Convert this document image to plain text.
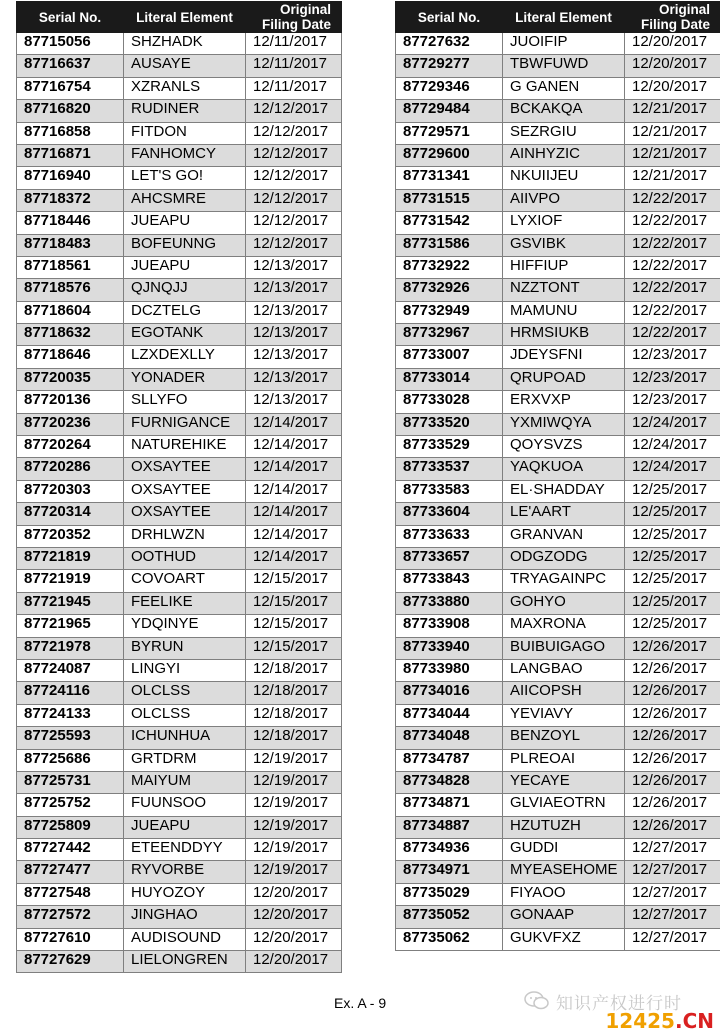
Serial No.	Literal Element	Original
Filing Date
87715056	SHZHADK	12/11/2017
87716637	AUSAYE	12/11/2017
87716754	XZRANLS	12/11/2017
87716820	RUDINER	12/12/2017
87716858	FITDON	12/12/2017
87716871	FANHOMCY	12/12/2017
87716940	LET'S GO!	12/12/2017
87718372	AHCSMRE	12/12/2017
87718446	JUEAPU	12/12/2017
87718483	BOFEUNNG	12/12/2017
87718561	JUEAPU	12/13/2017
87718576	QJNQJJ	12/13/2017
87718604	DCZTELG	12/13/2017
87718632	EGOTANK	12/13/2017
87718646	LZXDEXLLY	12/13/2017
87720035	YONADER	12/13/2017
87720136	SLLYFO	12/13/2017
87720236	FURNIGANCE	12/14/2017
87720264	NATUREHIKE	12/14/2017
87720286	OXSAYTEE	12/14/2017
87720303	OXSAYTEE	12/14/2017
87720314	OXSAYTEE	12/14/2017
87720352	DRHLWZN	12/14/2017
87721819	OOTHUD	12/14/2017
87721919	COVOART	12/15/2017
87721945	FEELIKE	12/15/2017
87721965	YDQINYE	12/15/2017
87721978	BYRUN	12/15/2017
87724087	LINGYI	12/18/2017
87724116	OLCLSS	12/18/2017
87724133	OLCLSS	12/18/2017
87725593	ICHUNHUA	12/18/2017
87725686	GRTDRM	12/19/2017
87725731	MAIYUM	12/19/2017
87725752	FUUNSOO	12/19/2017
87725809	JUEAPU	12/19/2017
87727442	ETEENDDYY	12/19/2017
87727477	RYVORBE	12/19/2017
87727548	HUYOZOY	12/20/2017
87727572	JINGHAO	12/20/2017
87727610	AUDISOUND	12/20/2017
87727629	LIELONGREN	12/20/2017
Serial No.	Literal Element	Original
Filing Date
87727632	JUOIFIP	12/20/2017
87729277	TBWFUWD	12/20/2017
87729346	G GANEN	12/20/2017
87729484	BCKAKQA	12/21/2017
87729571	SEZRGIU	12/21/2017
87729600	AINHYZIC	12/21/2017
87731341	NKUIIJEU	12/21/2017
87731515	AIIVPO	12/22/2017
87731542	LYXIOF	12/22/2017
87731586	GSVIBK	12/22/2017
87732922	HIFFIUP	12/22/2017
87732926	NZZTONT	12/22/2017
87732949	MAMUNU	12/22/2017
87732967	HRMSIUKB	12/22/2017
87733007	JDEYSFNI	12/23/2017
87733014	QRUPOAD	12/23/2017
87733028	ERXVXP	12/23/2017
87733520	YXMIWQYA	12/24/2017
87733529	QOYSVZS	12/24/2017
87733537	YAQKUOA	12/24/2017
87733583	EL·SHADDAY	12/25/2017
87733604	LE'AART	12/25/2017
87733633	GRANVAN	12/25/2017
87733657	ODGZODG	12/25/2017
87733843	TRYAGAINPC	12/25/2017
87733880	GOHYO	12/25/2017
87733908	MAXRONA	12/25/2017
87733940	BUIBUIGAGO	12/26/2017
87733980	LANGBAO	12/26/2017
87734016	AIICOPSH	12/26/2017
87734044	YEVIAVY	12/26/2017
87734048	BENZOYL	12/26/2017
87734787	PLREOAI	12/26/2017
87734828	YECAYE	12/26/2017
87734871	GLVIAEOTRN	12/26/2017
87734887	HZUTUZH	12/26/2017
87734936	GUDDI	12/27/2017
87734971	MYEASEHOME	12/27/2017
87735029	FIYAOO	12/27/2017
87735052	GONAAP	12/27/2017
87735062	GUKVFXZ	12/27/2017
Ex. A - 9	知识产权进行时
12425.CN
